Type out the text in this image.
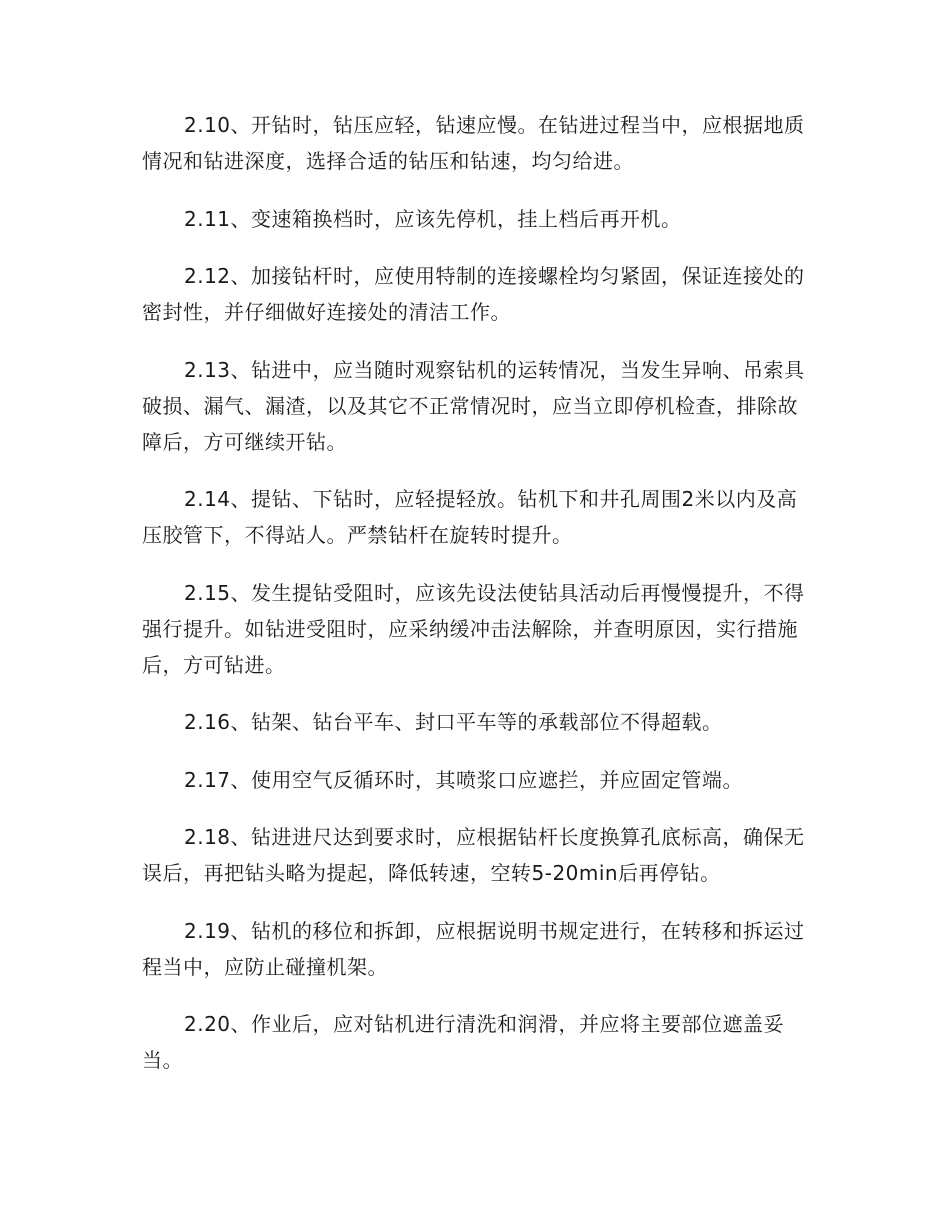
2.10、开钻时，钻压应轻，钻速应慢。在钻进过程当中，应根据地质情况和钻进深度，选择合适的钻压和钻速，均匀给进。

2.11、变速箱换档时，应该先停机，挂上档后再开机。

2.12、加接钻杆时，应使用特制的连接螺栓均匀紧固，保证连接处的密封性，并仔细做好连接处的清洁工作。

2.13、钻进中，应当随时观察钻机的运转情况，当发生异响、吊索具破损、漏气、漏渣，以及其它不正常情况时，应当立即停机检查，排除故障后，方可继续开钻。

2.14、提钻、下钻时，应轻提轻放。钻机下和井孔周围2米以内及高压胶管下，不得站人。严禁钻杆在旋转时提升。

2.15、发生提钻受阻时，应该先设法使钻具活动后再慢慢提升，不得强行提升。如钻进受阻时，应采纳缓冲击法解除，并查明原因，实行措施后，方可钻进。

2.16、钻架、钻台平车、封口平车等的承载部位不得超载。

2.17、使用空气反循环时，其喷浆口应遮拦，并应固定管端。

2.18、钻进进尺达到要求时，应根据钻杆长度换算孔底标高，确保无误后，再把钻头略为提起，降低转速，空转5-20min后再停钻。

2.19、钻机的移位和拆卸，应根据说明书规定进行，在转移和拆运过程当中，应防止碰撞机架。

2.20、作业后，应对钻机进行清洗和润滑，并应将主要部位遮盖妥当。
